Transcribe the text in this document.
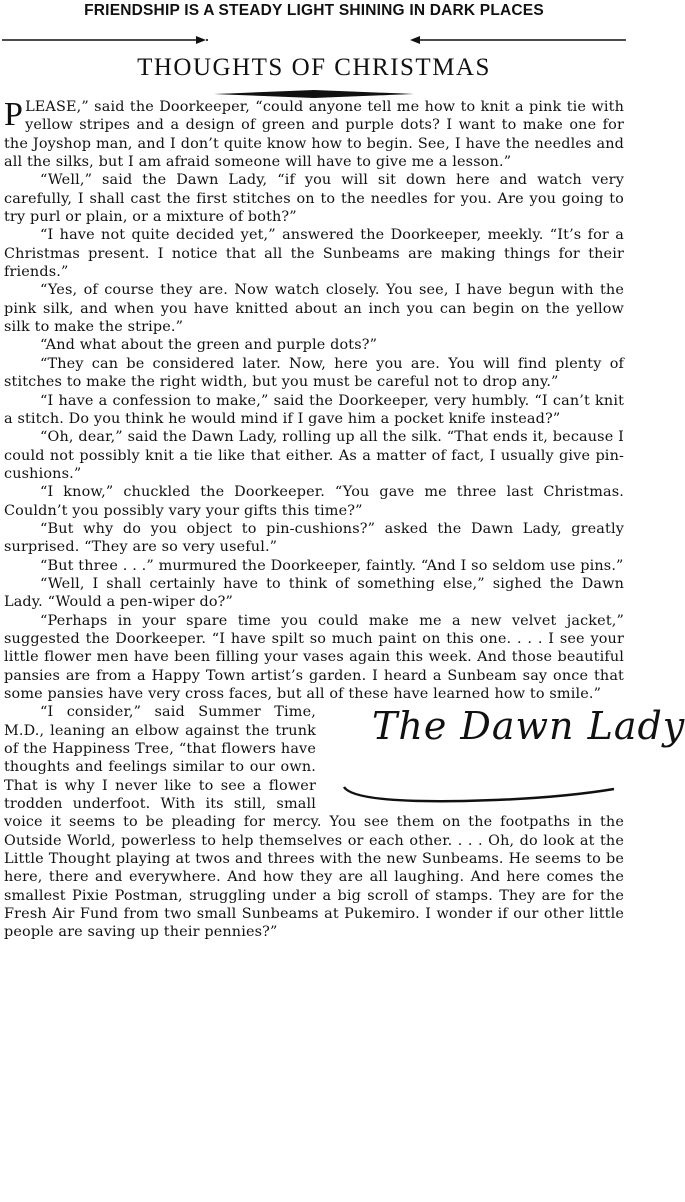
FRIENDSHIP IS A STEADY LIGHT SHINING IN DARK PLACES
THOUGHTS OF CHRISTMAS

PLEASE,” said the Doorkeeper, “could anyone tell me how to knit a pink tie with yellow stripes and a design of green and purple dots? I want to make one for the Joyshop man, and I don’t quite know how to begin. See, I have the needles and all the silks, but I am afraid someone will have to give me a lesson.”

“Well,” said the Dawn Lady, “if you will sit down here and watch very carefully, I shall cast the first stitches on to the needles for you. Are you going to try purl or plain, or a mixture of both?”

“I have not quite decided yet,” answered the Doorkeeper, meekly. “It’s for a Christmas present. I notice that all the Sunbeams are making things for their friends.”

“Yes, of course they are. Now watch closely. You see, I have begun with the pink silk, and when you have knitted about an inch you can begin on the yellow silk to make the stripe.”

“And what about the green and purple dots?”

“They can be considered later. Now, here you are. You will find plenty of stitches to make the right width, but you must be careful not to drop any.”

“I have a confession to make,” said the Doorkeeper, very humbly. “I can’t knit a stitch. Do you think he would mind if I gave him a pocket knife instead?”

“Oh, dear,” said the Dawn Lady, rolling up all the silk. “That ends it, because I could not possibly knit a tie like that either. As a matter of fact, I usually give pin-cushions.”

“I know,” chuckled the Doorkeeper. “You gave me three last Christmas. Couldn’t you possibly vary your gifts this time?”

“But why do you object to pin-cushions?” asked the Dawn Lady, greatly surprised. “They are so very useful.”

“But three . . .” murmured the Doorkeeper, faintly. “And I so seldom use pins.”

“Well, I shall certainly have to think of something else,” sighed the Dawn Lady. “Would a pen-wiper do?”

“Perhaps in your spare time you could make me a new velvet jacket,” suggested the Doorkeeper. “I have spilt so much paint on this one. . . . I see your little flower men have been filling your vases again this week. And those beautiful pansies are from a Happy Town artist’s garden. I heard a Sunbeam say once that some pansies have very cross faces, but all of these have learned how to smile.”

The Dawn Lady
“I consider,” said Summer Time, M.D., leaning an elbow against the trunk of the Happiness Tree, “that flowers have thoughts and feelings similar to our own. That is why I never like to see a flower trodden underfoot. With its still, small voice it seems to be pleading for mercy. You see them on the footpaths in the Outside World, powerless to help themselves or each other. . . . Oh, do look at the Little Thought playing at twos and threes with the new Sunbeams. He seems to be here, there and everywhere. And how they are all laughing. And here comes the smallest Pixie Postman, struggling under a big scroll of stamps. They are for the Fresh Air Fund from two small Sunbeams at Pukemiro. I wonder if our other little people are saving up their pennies?”
